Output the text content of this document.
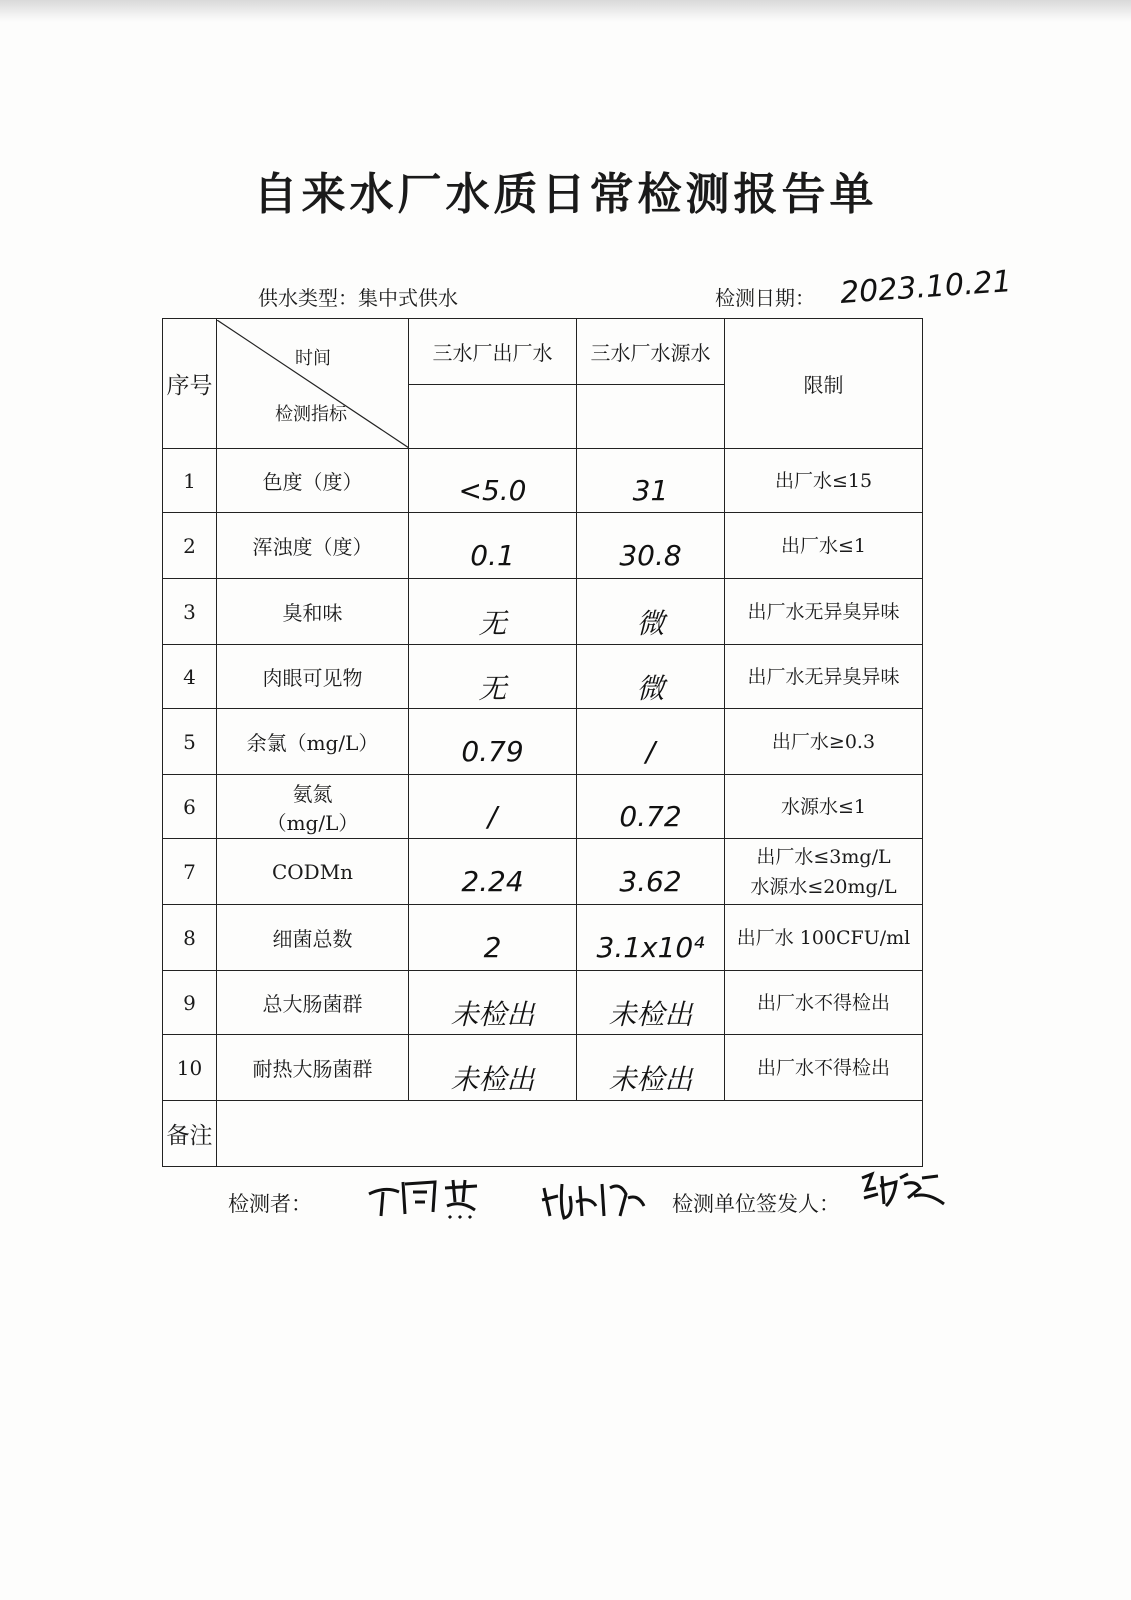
自来水厂水质日常检测报告单
供水类型：集中式供水	检测日期： 2023.10.21
序号	时间
检测指标	三水厂出厂水	三水厂水源水	限制

1	色度（度）	<5.0	31	出厂水≤15

2	浑浊度（度）	0.1	30.8	出厂水≤1

3	臭和味	无	微	出厂水无异臭异味

4	肉眼可见物	无	微	出厂水无异臭异味

5	余氯（mg/L）	0.79	/	出厂水≥0.3

6	氨氮
（mg/L）	/	0.72	水源水≤1

7	CODMn	2.24	3.62	出厂水≤3mg/L
水源水≤20mg/L

8	细菌总数	2	3.1x10⁴	出厂水 100CFU/ml

9	总大肠菌群	未检出	未检出	出厂水不得检出

10	耐热大肠菌群	未检出	未检出	出厂水不得检出

备注				
检测者：	检测单位签发人：
